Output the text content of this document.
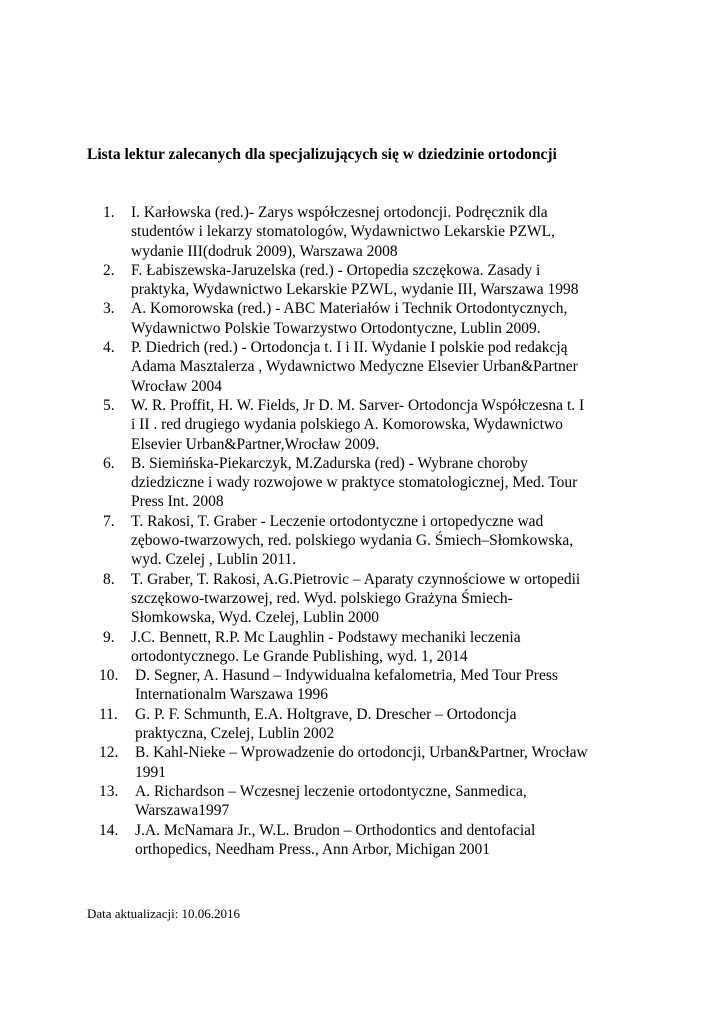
Lista lektur zalecanych dla specjalizujących się w dziedzinie ortodoncji
1. I. Karłowska (red.)- Zarys współczesnej ortodoncji. Podręcznik dla
studentów i lekarzy stomatologów, Wydawnictwo Lekarskie PZWL,
wydanie III(dodruk 2009), Warszawa 2008
2. F. Łabiszewska-Jaruzelska (red.) - Ortopedia szczękowa. Zasady i
praktyka, Wydawnictwo Lekarskie PZWL, wydanie III, Warszawa 1998
3. A. Komorowska (red.) - ABC Materiałów i Technik Ortodontycznych,
Wydawnictwo Polskie Towarzystwo Ortodontyczne, Lublin 2009.
4. P. Diedrich (red.) - Ortodoncja t. I i II. Wydanie I polskie pod redakcją
Adama Masztalerza , Wydawnictwo Medyczne Elsevier Urban&Partner
Wrocław 2004
5. W. R. Proffit, H. W. Fields, Jr D. M. Sarver- Ortodoncja Współczesna t. I
i II . red drugiego wydania polskiego A. Komorowska, Wydawnictwo
Elsevier Urban&Partner,Wrocław 2009.
6. B. Siemińska-Piekarczyk, M.Zadurska (red) - Wybrane choroby
dziedziczne i wady rozwojowe w praktyce stomatologicznej, Med. Tour
Press Int. 2008
7. T. Rakosi, T. Graber - Leczenie ortodontyczne i ortopedyczne wad
zębowo-twarzowych, red. polskiego wydania G. Śmiech–Słomkowska,
wyd. Czelej , Lublin 2011.
8. T. Graber, T. Rakosi, A.G.Pietrovic – Aparaty czynnościowe w ortopedii
szczękowo-twarzowej, red. Wyd. polskiego Grażyna Śmiech-
Słomkowska, Wyd. Czelej, Lublin 2000
9. J.C. Bennett, R.P. Mc Laughlin - Podstawy mechaniki leczenia
ortodontycznego. Le Grande Publishing, wyd. 1, 2014
10. D. Segner, A. Hasund – Indywidualna kefalometria, Med Tour Press
Internationalm Warszawa 1996
11. G. P. F. Schmunth, E.A. Holtgrave, D. Drescher – Ortodoncja
praktyczna, Czelej, Lublin 2002
12. B. Kahl-Nieke – Wprowadzenie do ortodoncji, Urban&Partner, Wrocław
1991
13. A. Richardson – Wczesnej leczenie ortodontyczne, Sanmedica,
Warszawa1997
14. J.A. McNamara Jr., W.L. Brudon – Orthodontics and dentofacial
orthopedics, Needham Press., Ann Arbor, Michigan 2001
Data aktualizacji: 10.06.2016
